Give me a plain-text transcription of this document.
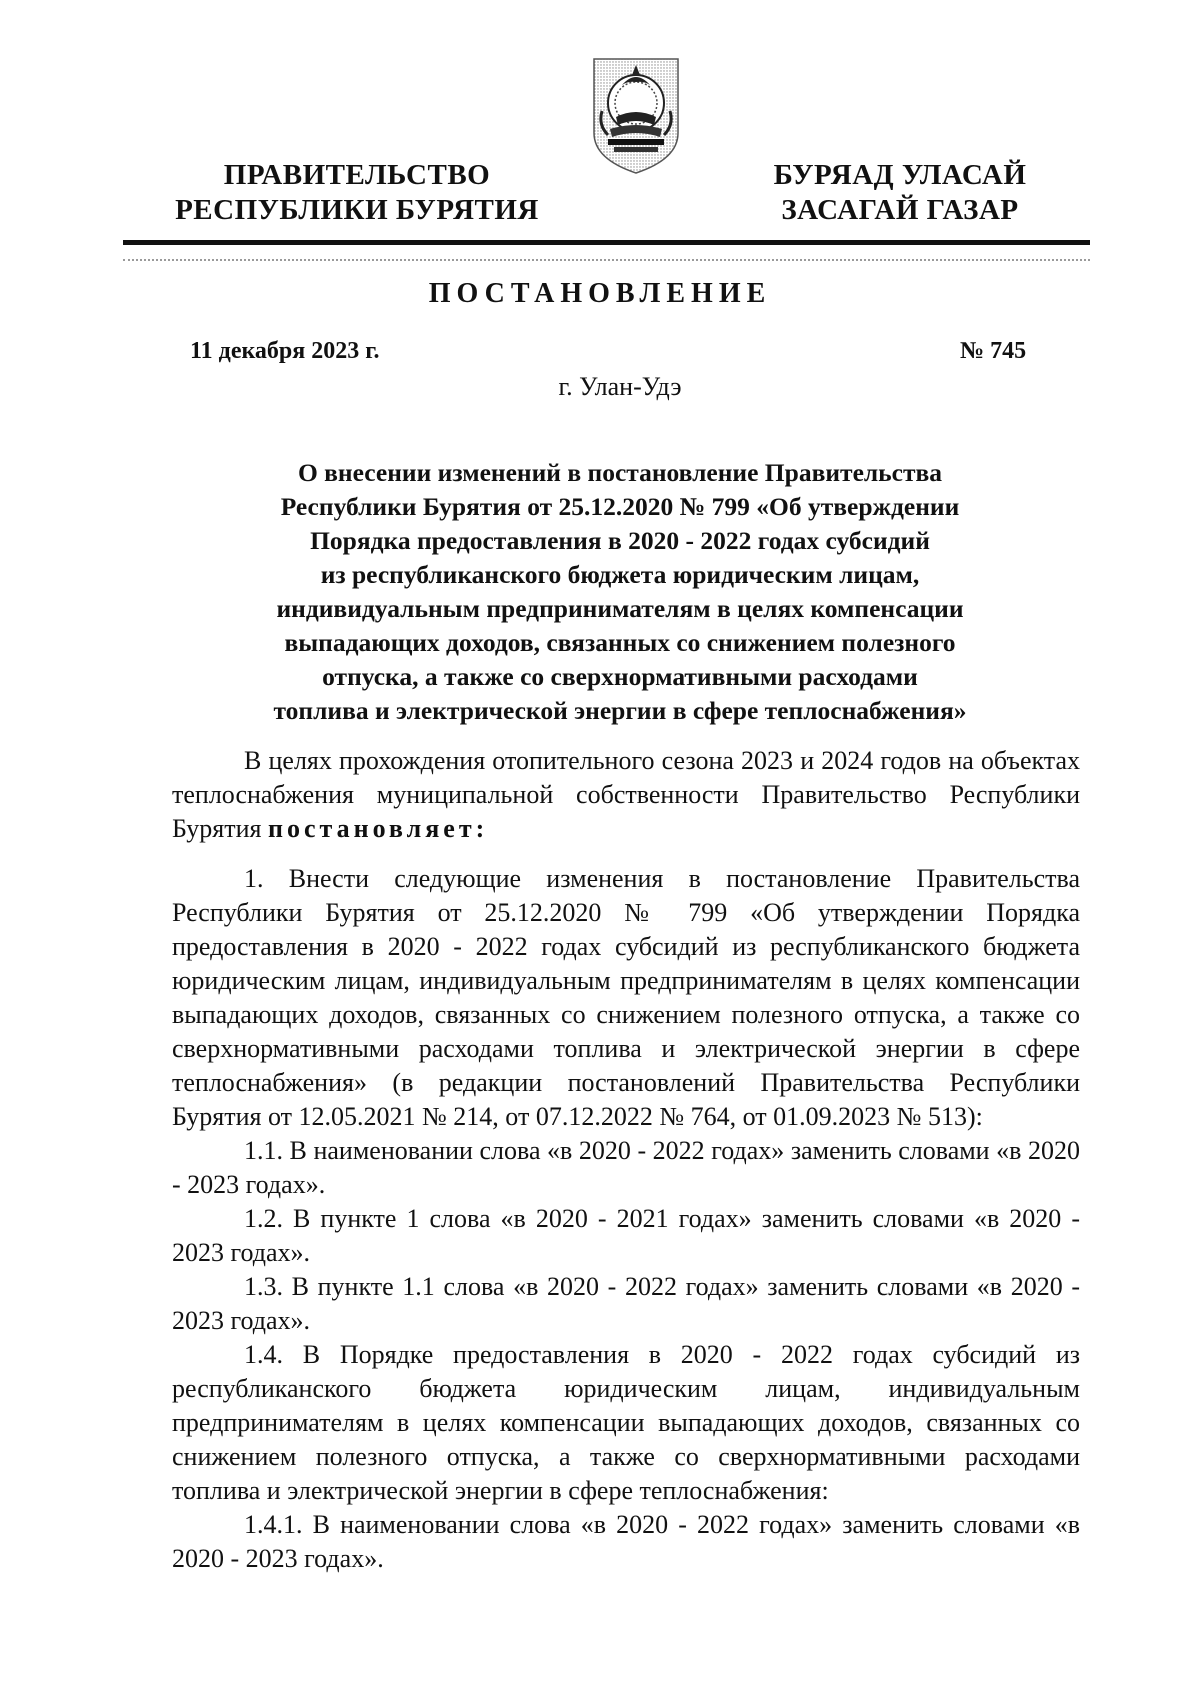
ПРАВИТЕЛЬСТВО
РЕСПУБЛИКИ БУРЯТИЯ
БУРЯАД УЛАСАЙ
ЗАСАГАЙ ГАЗАР
ПОСТАНОВЛЕНИЕ
11 декабря 2023 г.	№ 745
г. Улан-Удэ
О внесении изменений в постановление Правительства
Республики Бурятия от 25.12.2020 № 799 «Об утверждении
Порядка предоставления в 2020 - 2022 годах субсидий
из республиканского бюджета юридическим лицам,
индивидуальным предпринимателям в целях компенсации
выпадающих доходов, связанных со снижением полезного
отпуска, а также со сверхнормативными расходами
топлива и электрической энергии в сфере теплоснабжения»

В целях прохождения отопительного сезона 2023 и 2024 годов на объектах теплоснабжения муниципальной собственности Правительство Республики Бурятия постановляет:

1. Внести следующие изменения в постановление Правительства Республики Бурятия от 25.12.2020 № 799 «Об утверждении Порядка предоставления в 2020 - 2022 годах субсидий из республиканского бюджета юридическим лицам, индивидуальным предпринимателям в целях компенсации выпадающих доходов, связанных со снижением полезного отпуска, а также со сверхнормативными расходами топлива и электрической энергии в сфере теплоснабжения» (в редакции постановлений Правительства Республики Бурятия от 12.05.2021 № 214, от 07.12.2022 № 764, от 01.09.2023 № 513):

1.1. В наименовании слова «в 2020 - 2022 годах» заменить словами «в 2020 - 2023 годах».

1.2. В пункте 1 слова «в 2020 - 2021 годах» заменить словами «в 2020 - 2023 годах».

1.3. В пункте 1.1 слова «в 2020 - 2022 годах» заменить словами «в 2020 - 2023 годах».

1.4. В Порядке предоставления в 2020 - 2022 годах субсидий из республиканского бюджета юридическим лицам, индивидуальным предпринимателям в целях компенсации выпадающих доходов, связанных со снижением полезного отпуска, а также со сверхнормативными расходами топлива и электрической энергии в сфере теплоснабжения:

1.4.1. В наименовании слова «в 2020 - 2022 годах» заменить словами «в 2020 - 2023 годах».
